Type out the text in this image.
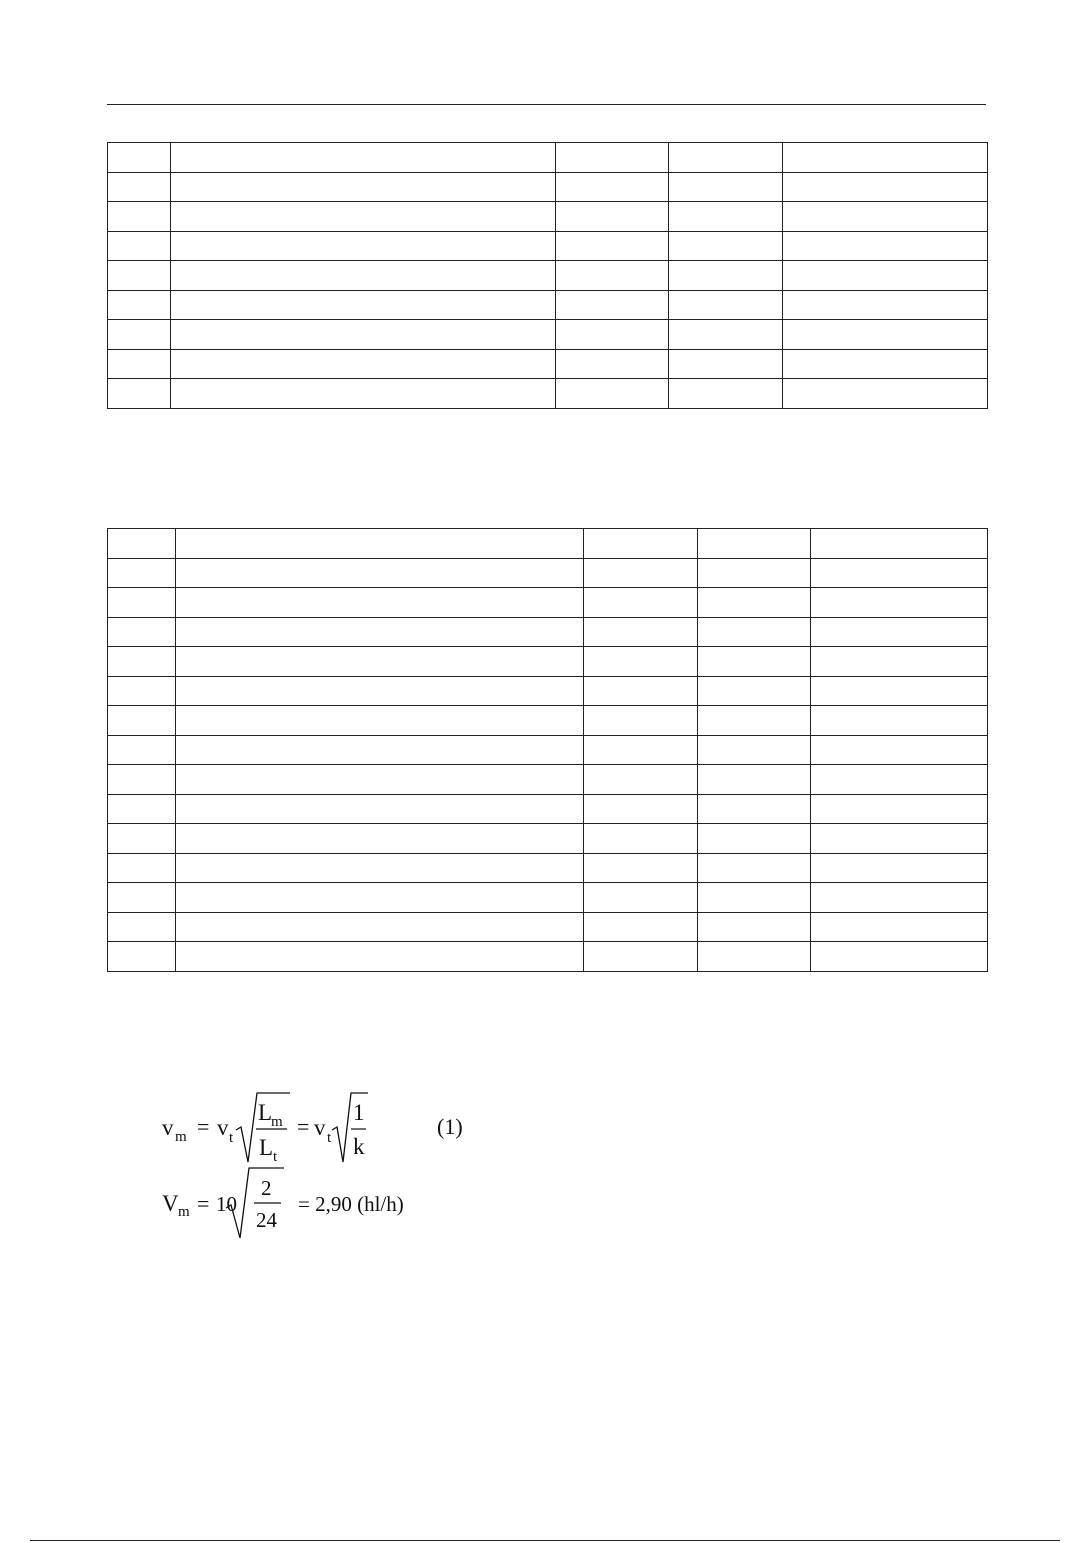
v m = v t
L
m
L t
= v t
1
k
(1)
V m = 10
2
24
= 2,90 (hl/h)
